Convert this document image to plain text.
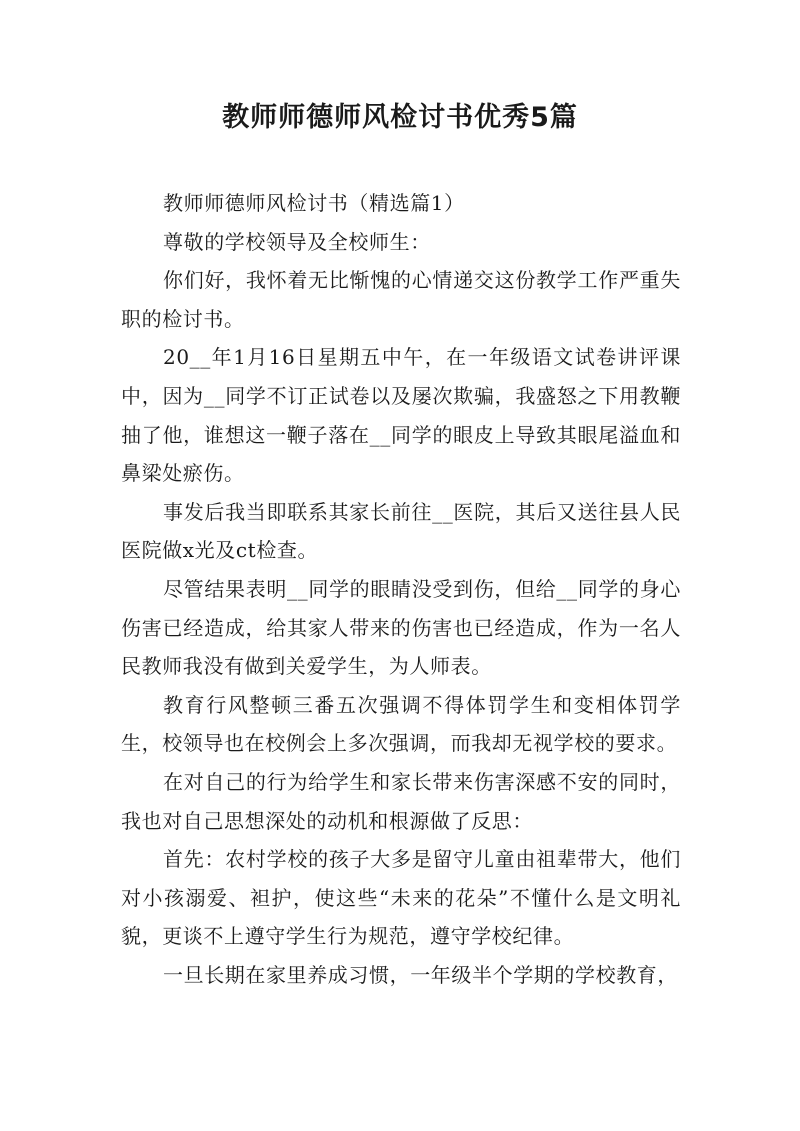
教师师德师风检讨书优秀5篇

教师师德师风检讨书（精选篇1）

尊敬的学校领导及全校师生：

你们好，我怀着无比惭愧的心情递交这份教学工作严重失职的检讨书。

20__年1月16日星期五中午，在一年级语文试卷讲评课中，因为__同学不订正试卷以及屡次欺骗，我盛怒之下用教鞭抽了他，谁想这一鞭子落在__同学的眼皮上导致其眼尾溢血和鼻梁处瘀伤。

事发后我当即联系其家长前往__医院，其后又送往县人民医院做x光及ct检查。

尽管结果表明__同学的眼睛没受到伤，但给__同学的身心伤害已经造成，给其家人带来的伤害也已经造成，作为一名人民教师我没有做到关爱学生，为人师表。

教育行风整顿三番五次强调不得体罚学生和变相体罚学生，校领导也在校例会上多次强调，而我却无视学校的要求。

在对自己的行为给学生和家长带来伤害深感不安的同时，我也对自己思想深处的动机和根源做了反思：

首先：农村学校的孩子大多是留守儿童由祖辈带大，他们对小孩溺爱、袒护，使这些“未来的花朵”不懂什么是文明礼貌，更谈不上遵守学生行为规范，遵守学校纪律。

一旦长期在家里养成习惯，一年级半个学期的学校教育，
